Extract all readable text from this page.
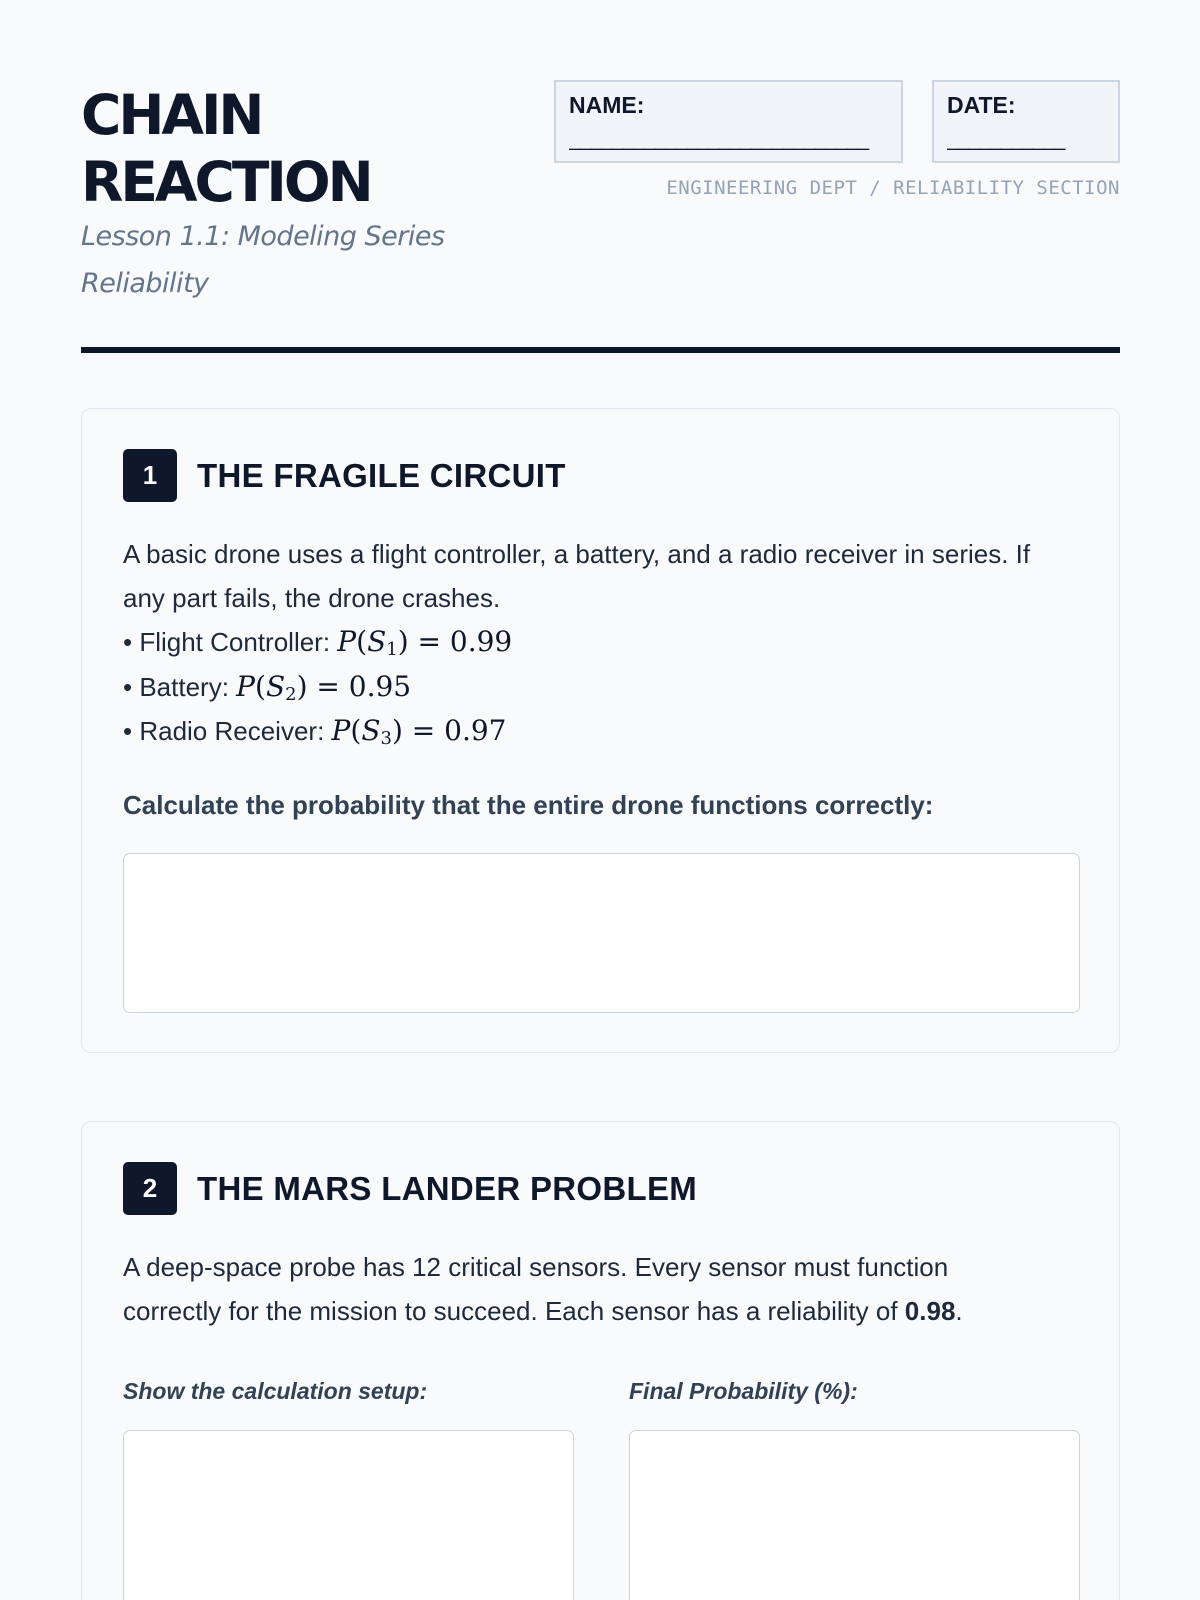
CHAIN
REACTION
Lesson 1.1: Modeling Series Reliability
NAME:
____________________________
DATE:
___________
ENGINEERING DEPT / RELIABILITY SECTION
1	THE FRAGILE CIRCUIT
A basic drone uses a flight controller, a battery, and a radio receiver in series. If any part fails, the drone crashes.
• Flight Controller: $P(S_1) = 0.99$
• Battery: $P(S_2) = 0.95$
• Radio Receiver: $P(S_3) = 0.97$
Calculate the probability that the entire drone functions correctly:
2	THE MARS LANDER PROBLEM
A deep-space probe has 12 critical sensors. Every sensor must function correctly for the mission to succeed. Each sensor has a reliability of 0.98.
Show the calculation setup:	Final Probability (%):
